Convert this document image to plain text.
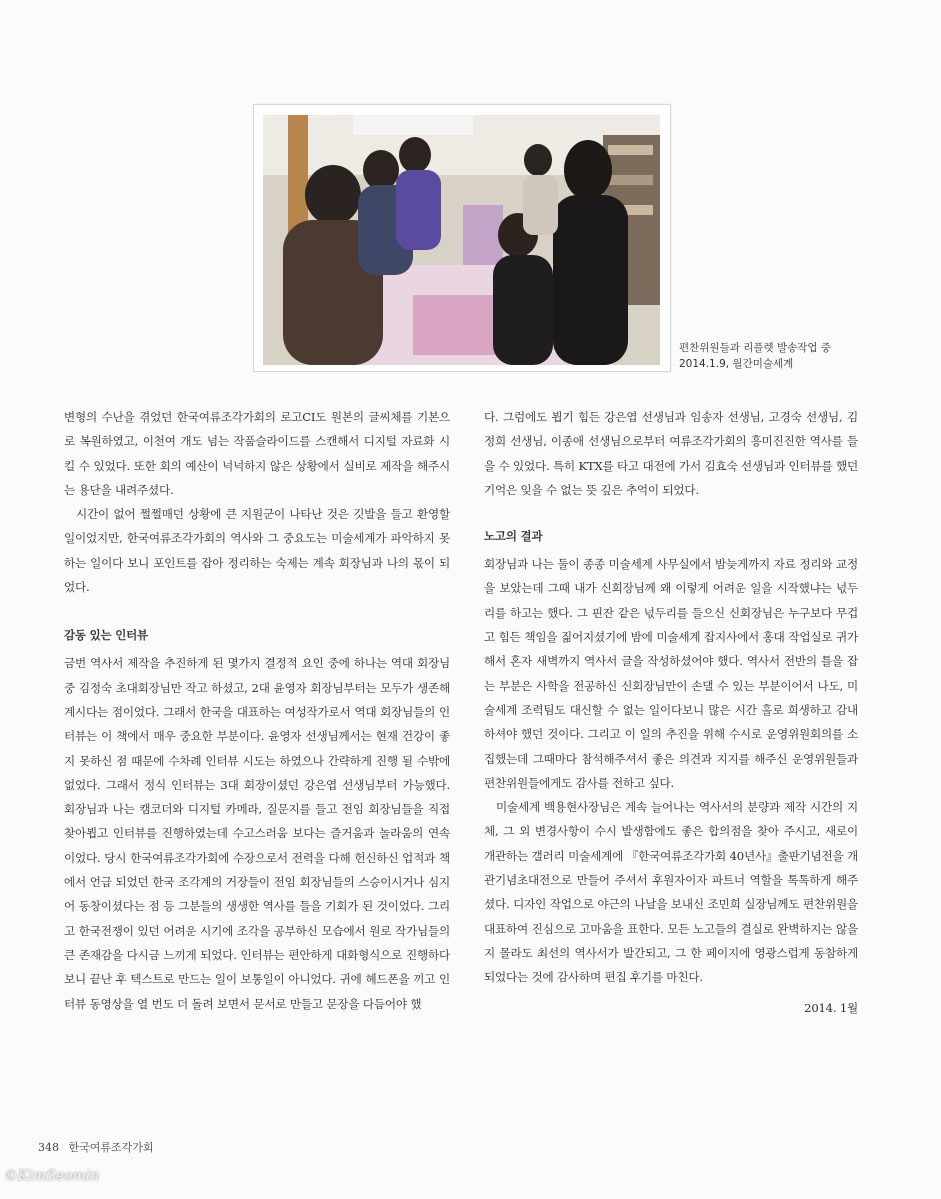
편찬위원들과 리플렛 발송작업 중
2014.1.9, 월간미술세계

변형의 수난을 겪었던 한국여류조각가회의 로고CI도 원본의 글씨체를 기본으로 복원하였고, 이천여 개도 넘는 작품슬라이드를 스캔해서 디지털 자료화 시킬 수 있었다. 또한 회의 예산이 넉넉하지 않은 상황에서 실비로 제작을 해주시는 용단을 내려주셨다.

시간이 없어 쩔쩔매던 상황에 큰 지원군이 나타난 것은 깃발을 들고 환영할 일이었지만, 한국여류조각가회의 역사와 그 중요도는 미술세계가 파악하지 못하는 일이다 보니 포인트를 잡아 정리하는 숙제는 계속 회장님과 나의 몫이 되었다.

감동 있는 인터뷰

금번 역사서 제작을 추진하게 된 몇가지 결정적 요인 중에 하나는 역대 회장님 중 김정숙 초대회장님만 작고 하셨고, 2대 윤영자 회장님부터는 모두가 생존해 계시다는 점이었다. 그래서 한국을 대표하는 여성작가로서 역대 회장님들의 인터뷰는 이 책에서 매우 중요한 부분이다. 윤영자 선생님께서는 현재 건강이 좋지 못하신 점 때문에 수차례 인터뷰 시도는 하였으나 간략하게 진행 될 수밖에 없었다. 그래서 정식 인터뷰는 3대 회장이셨던 강은엽 선생님부터 가능했다. 회장님과 나는 캠코더와 디지털 카메라, 질문지를 들고 전임 회장님들을 직접 찾아뵙고 인터뷰를 진행하였는데 수고스러움 보다는 즐거움과 놀라움의 연속이었다. 당시 한국여류조각가회에 수장으로서 전력을 다해 헌신하신 업적과 책에서 언급 되었던 한국 조각계의 거장들이 전임 회장님들의 스승이시거나 심지어 동창이셨다는 점 등 그분들의 생생한 역사를 들을 기회가 된 것이었다. 그리고 한국전쟁이 있던 어려운 시기에 조각을 공부하신 모습에서 원로 작가님들의 큰 존재감을 다시금 느끼게 되었다. 인터뷰는 편안하게 대화형식으로 진행하다보니 끝난 후 텍스트로 만드는 일이 보통일이 아니었다. 귀에 헤드폰을 끼고 인터뷰 동영상을 열 번도 더 돌려 보면서 문서로 만들고 문장을 다듬어야 했

다. 그럼에도 뵙기 힘든 강은엽 선생님과 임송자 선생님, 고경숙 선생님, 김정희 선생님, 이종애 선생님으로부터 여류조각가회의 흥미진진한 역사를 들을 수 있었다. 특히 KTX를 타고 대전에 가서 김효숙 선생님과 인터뷰를 했던 기억은 잊을 수 없는 뜻 깊은 추억이 되었다.

노고의 결과

회장님과 나는 둘이 종종 미술세계 사무실에서 밤늦게까지 자료 정리와 교정을 보았는데 그때 내가 신회장님께 왜 이렇게 어려운 일을 시작했냐는 넋두리를 하고는 했다. 그 핀잔 같은 넋두리를 들으신 신회장님은 누구보다 무겁고 힘든 책임을 짊어지셨기에 밤에 미술세계 잡지사에서 홍대 작업실로 귀가해서 혼자 새벽까지 역사서 글을 작성하셨어야 했다. 역사서 전반의 틀을 잡는 부분은 사학을 전공하신 신회장님만이 손댈 수 있는 부분이어서 나도, 미술세계 조력팀도 대신할 수 없는 일이다보니 많은 시간 홀로 희생하고 감내하셔야 했던 것이다. 그리고 이 일의 추진을 위해 수시로 운영위원회의를 소집했는데 그때마다 참석해주셔서 좋은 의견과 지지를 해주신 운영위원들과 편찬위원들에게도 감사를 전하고 싶다.

미술세계 백용현사장님은 계속 늘어나는 역사서의 분량과 제작 시간의 지체, 그 외 변경사항이 수시 발생함에도 좋은 합의점을 찾아 주시고, 새로이 개관하는 갤러리 미술세계에 『한국여류조각가회 40년사』출판기념전을 개관기념초대전으로 만들어 주셔서 후원자이자 파트너 역할을 톡톡하게 해주셨다. 디자인 작업으로 야근의 나날을 보내신 조민희 실장님께도 편찬위원을 대표하여 진심으로 고마움을 표한다. 모든 노고들의 결실로 완벽하지는 않을지 몰라도 최선의 역사서가 발간되고, 그 한 페이지에 영광스럽게 동참하게 되었다는 것에 감사하며 편집 후기를 마친다.

2014. 1월
348 한국여류조각가회
©KimSeomin
